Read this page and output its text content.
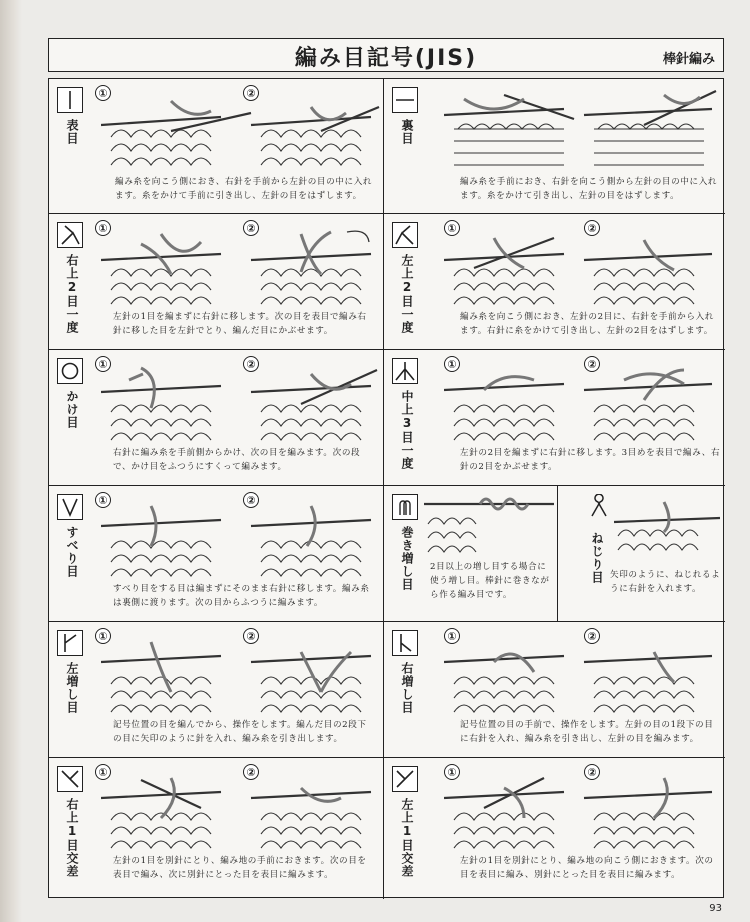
編み目記号(JIS)	棒針編み
表目
①	②
編み糸を向こう側におき、右針を手前から左針の目の中に入れます。糸をかけて手前に引き出し、左針の目をはずします。
裏目
編み糸を手前におき、右針を向こう側から左針の目の中に入れます。糸をかけて引き出し、左針の目をはずします。
右上2目一度
①	②
左針の1目を編まずに右針に移します。次の目を表目で編み右針に移した目を左針でとり、編んだ目にかぶせます。	左上2目一度
①	②
編み糸を向こう側におき、左針の2目に、右針を手前から入れます。右針に糸をかけて引き出し、左針の2目をはずします。
かけ目
①	②
右針に編み糸を手前側からかけ、次の目を編みます。次の段で、かけ目をふつうにすくって編みます。	中上3目一度
①	②
左針の2目を編まずに右針に移します。3目めを表目で編み、右針の2目をかぶせます。
すべり目
①	②
すべり目をする目は編まずにそのまま右針に移します。編み糸は裏側に渡ります。次の目からふつうに編みます。
巻き増し目 2目以上の増し目する場合に使う増し目。棒針に巻きながら作る編み目です。
ねじり目 矢印のように、ねじれるように右針を入れます。
左増し目
①	②
記号位置の目を編んでから、操作をします。編んだ目の2段下の目に矢印のように針を入れ、編み糸を引き出します。
右増し目
①	②
記号位置の目の手前で、操作をします。左針の目の1段下の目に右針を入れ、編み糸を引き出し、左針の目を編みます。
右上1目交差
①	②
左針の1目を別針にとり、編み地の手前におきます。次の目を表目で編み、次に別針にとった目を表目に編みます。	左上1目交差
①	②
左針の1目を別針にとり、編み地の向こう側におきます。次の目を表目に編み、別針にとった目を表目に編みます。
93
